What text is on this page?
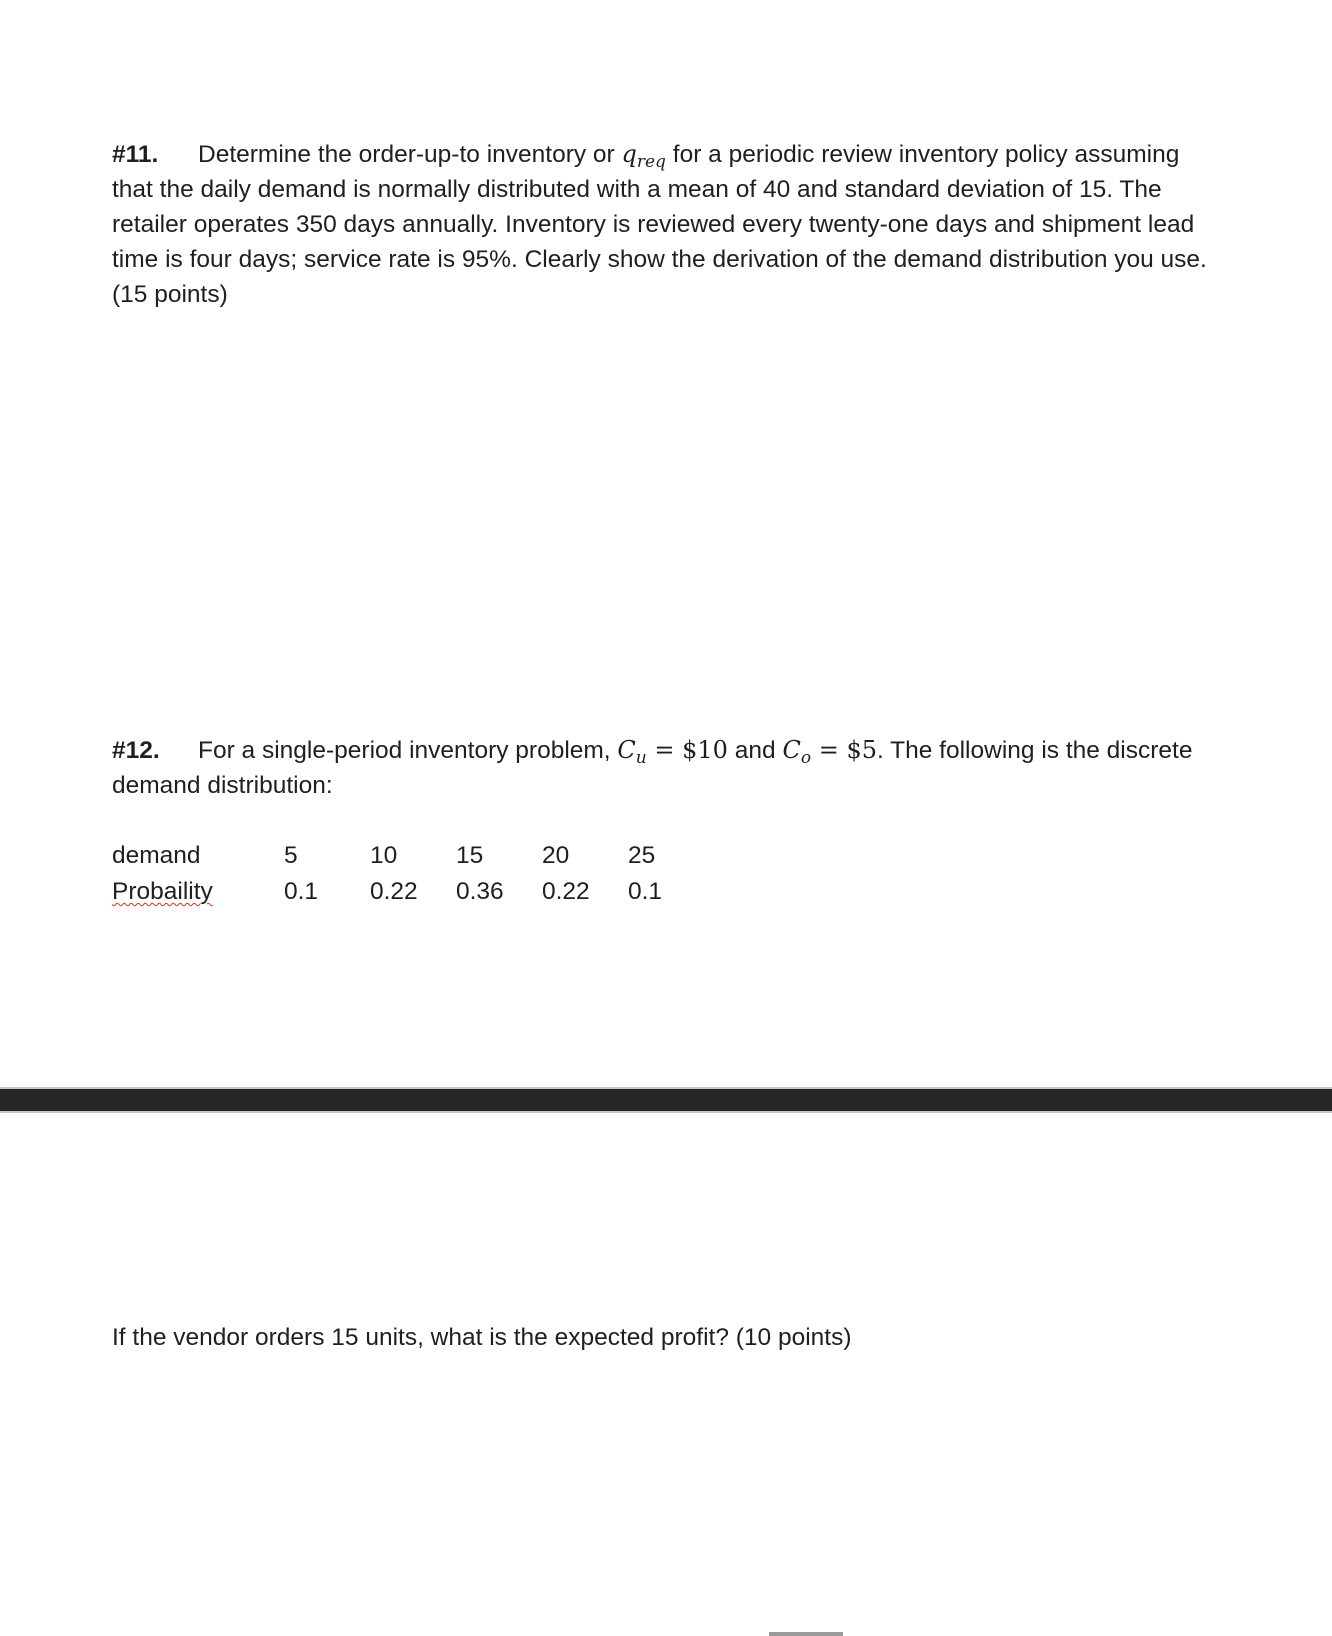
#11. Determine the order-up-to inventory or $q_{req}$ for a periodic review inventory policy assuming that the daily demand is normally distributed with a mean of 40 and standard deviation of 15. The retailer operates 350 days annually. Inventory is reviewed every twenty-one days and shipment lead time is four days; service rate is 95%. Clearly show the derivation of the demand distribution you use. (15 points)
#12. For a single-period inventory problem, $C_u$ = $10 and $C_o$ = $5. The following is the discrete demand distribution:
demand	5	10	15	20	25
Probaility	0.1	0.22	0.36	0.22	0.1
If the vendor orders 15 units, what is the expected profit? (10 points)
